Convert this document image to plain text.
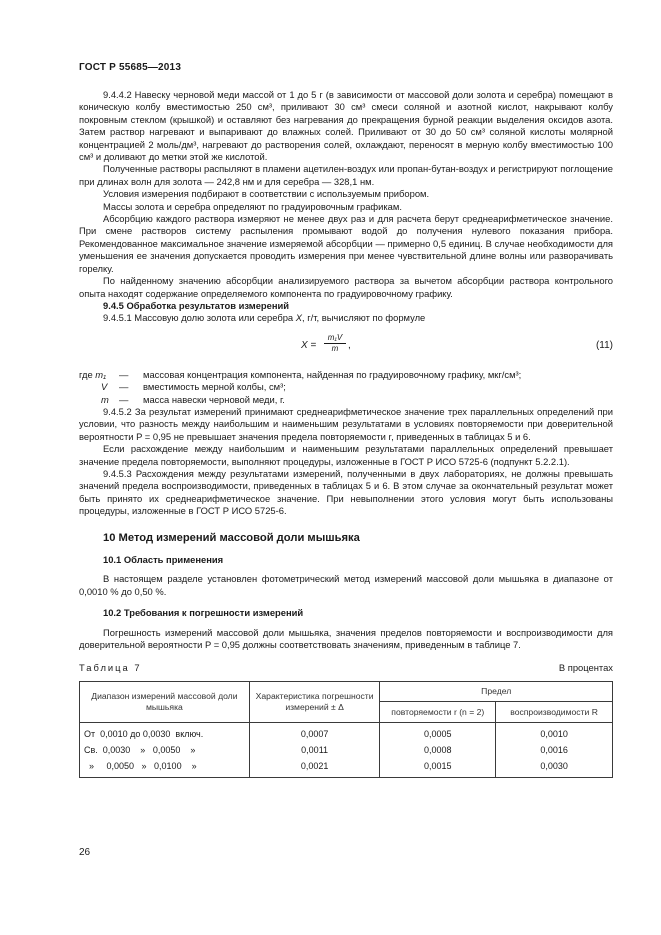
ГОСТ Р 55685—2013

9.4.4.2 Навеску черновой меди массой от 1 до 5 г (в зависимости от массовой доли золота и серебра) помещают в коническую колбу вместимостью 250 см³, приливают 30 см³ смеси соляной и азотной кислот, накрывают колбу покровным стеклом (крышкой) и оставляют без нагревания до прекращения бурной реакции выделения оксидов азота. Затем раствор нагревают и выпаривают до влажных солей. Приливают от 30 до 50 см³ соляной кислоты молярной концентрацией 2 моль/дм³, нагревают до растворения солей, охлаждают, переносят в мерную колбу вместимостью 100 см³ и доливают до метки этой же кислотой.

Полученные растворы распыляют в пламени ацетилен-воздух или пропан-бутан-воздух и регистрируют поглощение при длинах волн для золота — 242,8 нм и для серебра — 328,1 нм.

Условия измерения подбирают в соответствии с используемым прибором.

Массы золота и серебра определяют по градуировочным графикам.

Абсорбцию каждого раствора измеряют не менее двух раз и для расчета берут среднеарифметическое значение. При смене растворов систему распыления промывают водой до получения нулевого показания прибора. Рекомендованное максимальное значение измеряемой абсорбции — примерно 0,5 единиц. В случае необходимости для уменьшения ее значения допускается проводить измерения при менее чувствительной длине волны или разворачивать горелку.

По найденному значению абсорбции анализируемого раствора за вычетом абсорбции раствора контрольного опыта находят содержание определяемого компонента по градуировочному графику.

9.4.5 Обработка результатов измерений

9.4.5.1 Массовую долю золота или серебра X, г/т, вычисляют по формуле

$X = \frac{\text{m₁V}}{m}$ ,	(11)
где m₁	—	массовая концентрация компонента, найденная по градуировочному графику, мкг/см³;
V	—	вместимость мерной колбы, см³;
m	—	масса навески черновой меди, г.

9.4.5.2 За результат измерений принимают среднеарифметическое значение трех параллельных определений при условии, что разность между наибольшим и наименьшим результатами в условиях повторяемости при доверительной вероятности P = 0,95 не превышает значения предела повторяемости r, приведенных в таблицах 5 и 6.

Если расхождение между наибольшим и наименьшим результатами параллельных определений превышает значение предела повторяемости, выполняют процедуры, изложенные в ГОСТ Р ИСО 5725-6 (подпункт 5.2.2.1).

9.4.5.3 Расхождения между результатами измерений, полученными в двух лабораториях, не должны превышать значений предела воспроизводимости, приведенных в таблицах 5 и 6. В этом случае за окончательный результат может быть принято их среднеарифметическое значение. При невыполнении этого условия могут быть использованы процедуры, изложенные в ГОСТ Р ИСО 5725-6.

10 Метод измерений массовой доли мышьяка

10.1 Область применения

В настоящем разделе установлен фотометрический метод измерений массовой доли мышьяка в диапазоне от 0,0010 % до 0,50 %.

10.2 Требования к погрешности измерений

Погрешность измерений массовой доли мышьяка, значения пределов повторяемости и воспроизводимости для доверительной вероятности P = 0,95 должны соответствовать значениям, приведенным в таблице 7.

Таблица 7	В процентах
Диапазон измерений массовой доли мышьяка	Характеристика погрешности измерений ± Δ	Предел	
		повторяемости r (n = 2)	воспроизводимости R
От  0,0010 до 0,0030  включ.	0,0007	0,0005	0,0010
Св.  0,0030    »   0,0050    »	0,0011	0,0008	0,0016
»     0,0050   »   0,0100    »	0,0021	0,0015	0,0030
26
